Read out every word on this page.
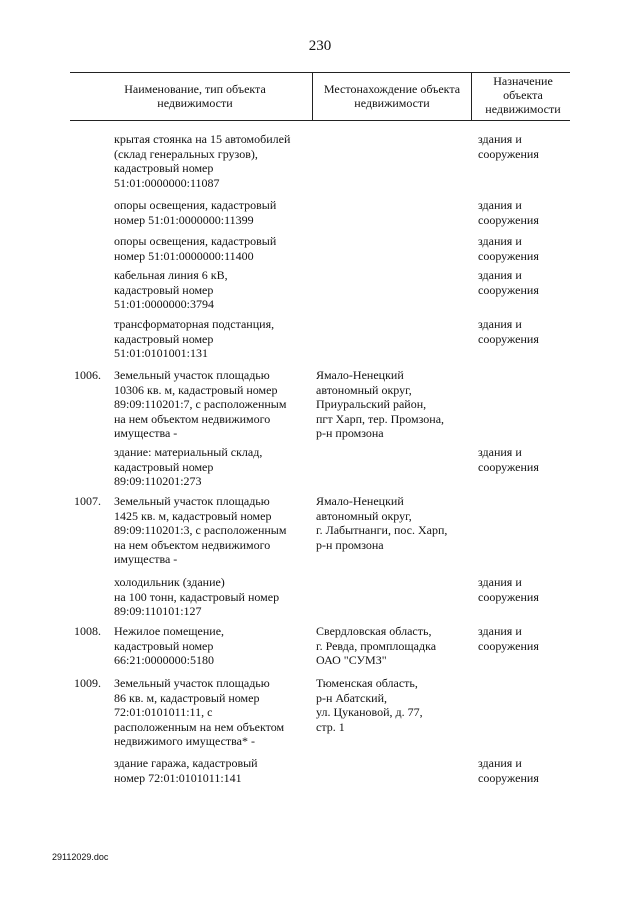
230
Наименование, тип объекта
недвижимости
Местонахождение объекта
недвижимости
Назначение
объекта
недвижимости
крытая стоянка на 15 автомобилей
(склад генеральных грузов),
кадастровый номер
51:01:0000000:11087
здания и
сооружения
опоры освещения, кадастровый
номер 51:01:0000000:11399
здания и
сооружения
опоры освещения, кадастровый
номер 51:01:0000000:11400
здания и
сооружения
кабельная линия 6 кВ,
кадастровый номер
51:01:0000000:3794
здания и
сооружения
трансформаторная подстанция,
кадастровый номер
51:01:0101001:131
здания и
сооружения
1006. Земельный участок площадью
10306 кв. м, кадастровый номер
89:09:110201:7, с расположенным
на нем объектом недвижимого
имущества -
Ямало-Ненецкий
автономный округ,
Приуральский район,
пгт Харп, тер. Промзона,
р-н промзона
здание: материальный склад,
кадастровый номер
89:09:110201:273
здания и
сооружения
1007. Земельный участок площадью
1425 кв. м, кадастровый номер
89:09:110201:3, с расположенным
на нем объектом недвижимого
имущества -
Ямало-Ненецкий
автономный округ,
г. Лабытнанги, пос. Харп,
р-н промзона
холодильник (здание)
на 100 тонн, кадастровый номер
89:09:110101:127
здания и
сооружения
1008. Нежилое помещение,
кадастровый номер
66:21:0000000:5180
Свердловская область,
г. Ревда, промплощадка
ОАО "СУМЗ"
здания и
сооружения
1009. Земельный участок площадью
86 кв. м, кадастровый номер
72:01:0101011:11, с
расположенным на нем объектом
недвижимого имущества* -
Тюменская область,
р-н Абатский,
ул. Цукановой, д. 77,
стр. 1
здание гаража, кадастровый
номер 72:01:0101011:141
здания и
сооружения
29112029.doc
